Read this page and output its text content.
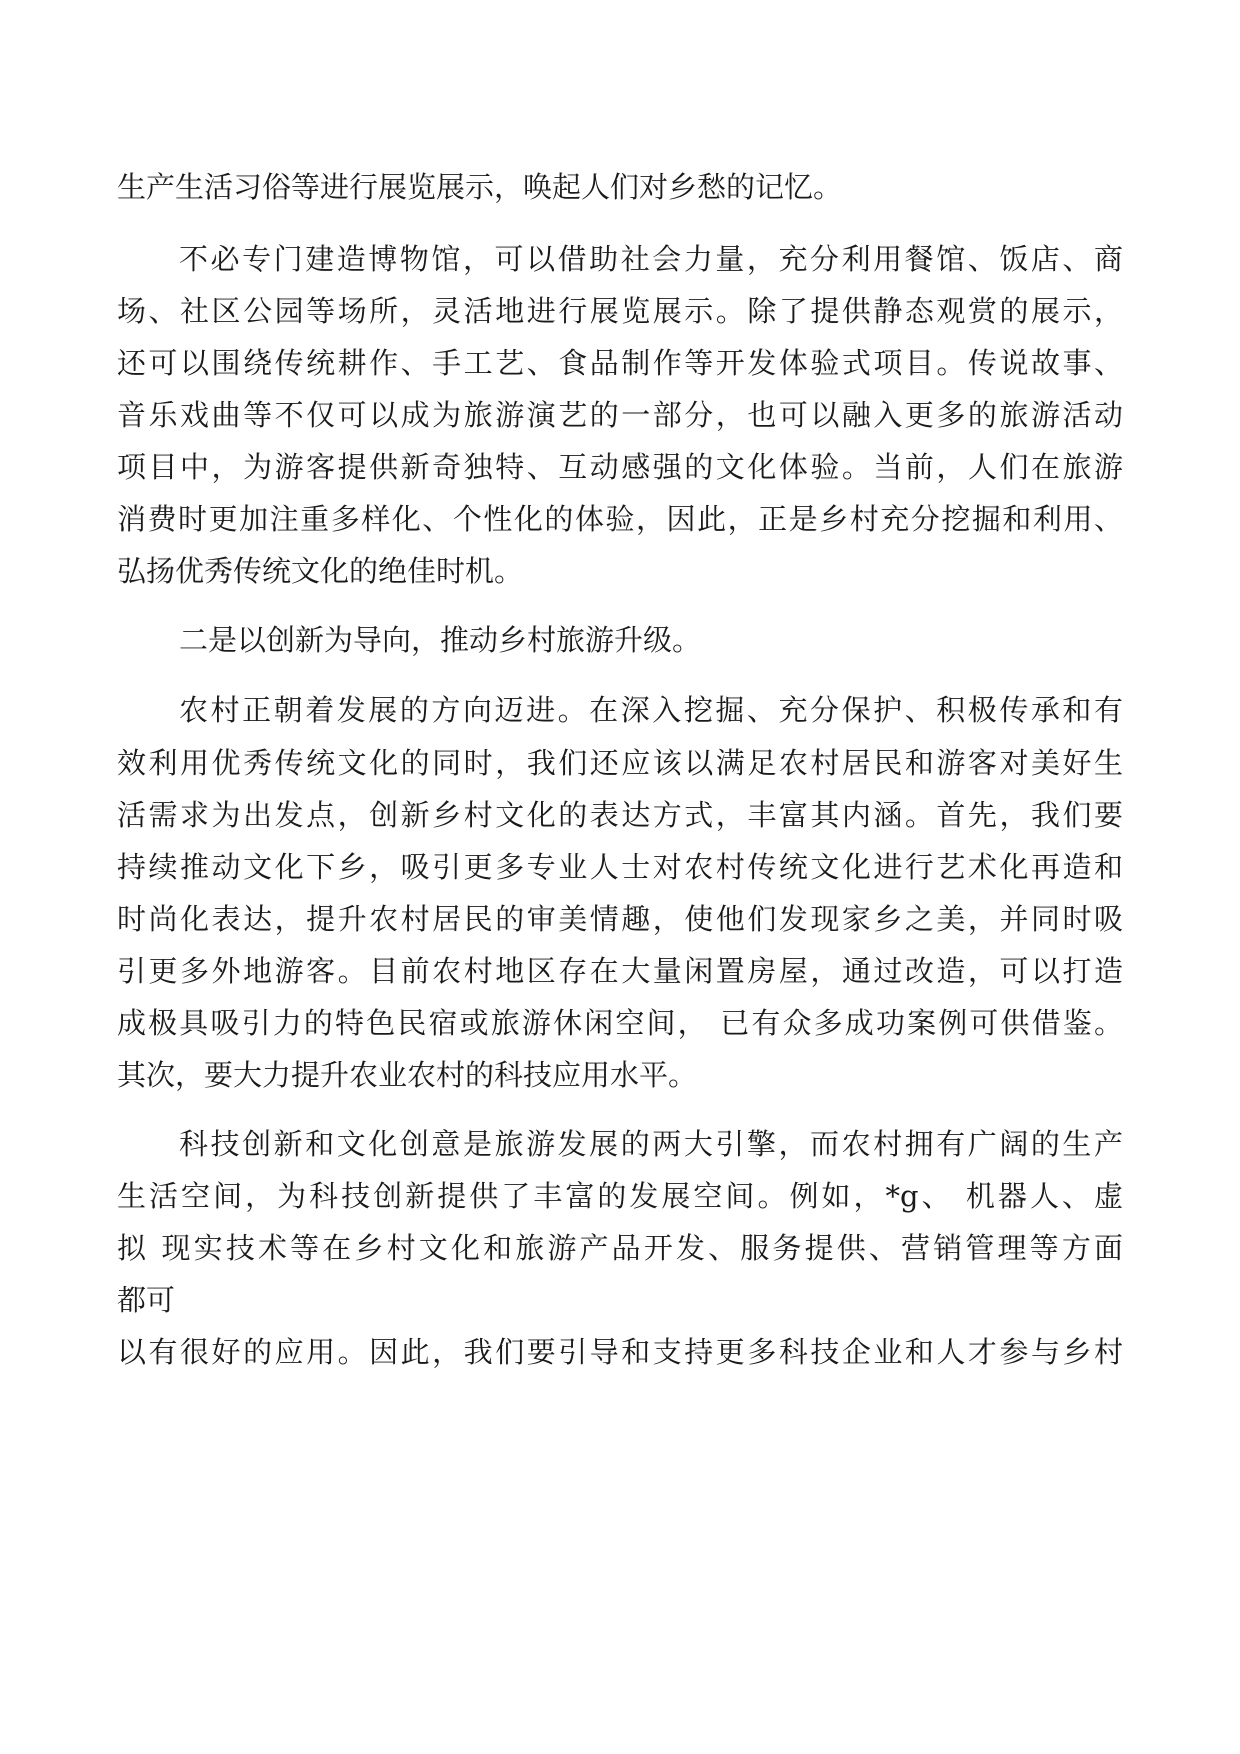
生产生活习俗等进行展览展示，唤起人们对乡愁的记忆。
不必专门建造博物馆，可以借助社会力量，充分利用餐馆、饭店、商
场、社区公园等场所，灵活地进行展览展示。除了提供静态观赏的展示，
还可以围绕传统耕作、手工艺、食品制作等开发体验式项目。传说故事、
音乐戏曲等不仅可以成为旅游演艺的一部分，也可以融入更多的旅游活动
项目中，为游客提供新奇独特、互动感强的文化体验。当前，人们在旅游
消费时更加注重多样化、个性化的体验，因此，正是乡村充分挖掘和利用、
弘扬优秀传统文化的绝佳时机。
二是以创新为导向，推动乡村旅游升级。
农村正朝着发展的方向迈进。在深入挖掘、充分保护、积极传承和有
效利用优秀传统文化的同时，我们还应该以满足农村居民和游客对美好生
活需求为出发点，创新乡村文化的表达方式，丰富其内涵。首先，我们要
持续推动文化下乡，吸引更多专业人士对农村传统文化进行艺术化再造和
时尚化表达，提升农村居民的审美情趣，使他们发现家乡之美，并同时吸
引更多外地游客。目前农村地区存在大量闲置房屋，通过改造，可以打造
成极具吸引力的特色民宿或旅游休闲空间， 已有众多成功案例可供借鉴。
其次，要大力提升农业农村的科技应用水平。
科技创新和文化创意是旅游发展的两大引擎，而农村拥有广阔的生产
生活空间，为科技创新提供了丰富的发展空间。例如，*g、 机器人、虚
拟 现实技术等在乡村文化和旅游产品开发、服务提供、营销管理等方面
都可
以有很好的应用。因此，我们要引导和支持更多科技企业和人才参与乡村
